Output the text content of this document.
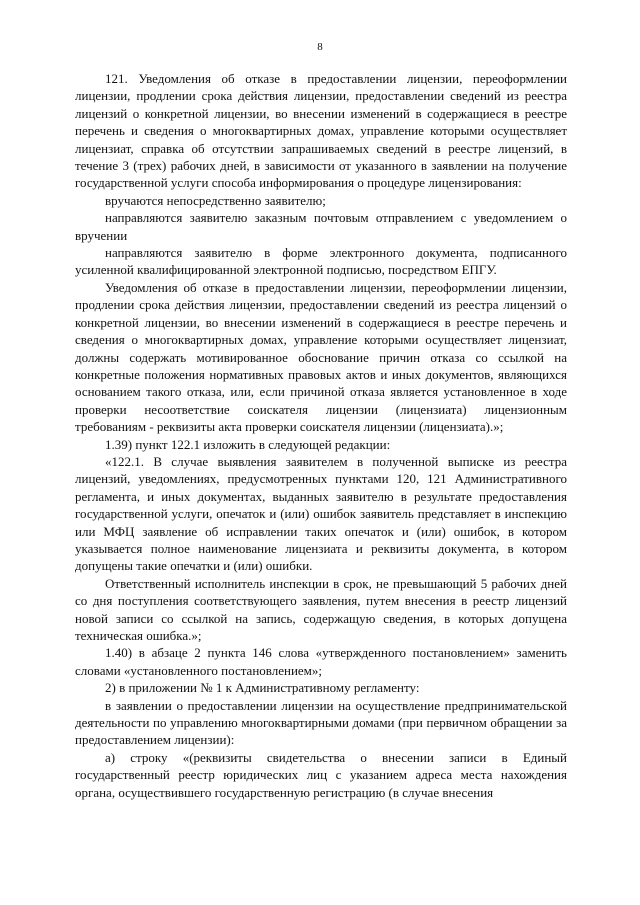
8

121. Уведомления об отказе в предоставлении лицензии, переоформлении лицензии, продлении срока действия лицензии, предоставлении сведений из реестра лицензий о конкретной лицензии, во внесении изменений в содержащиеся в реестре перечень и сведения о многоквартирных домах, управление которыми осуществляет лицензиат, справка об отсутствии запрашиваемых сведений в реестре лицензий, в течение 3 (трех) рабочих дней, в зависимости от указанного в заявлении на получение государственной услуги способа информирования о процедуре лицензирования:

вручаются непосредственно заявителю;

направляются заявителю заказным почтовым отправлением с уведомлением о вручении

направляются заявителю в форме электронного документа, подписанного усиленной квалифицированной электронной подписью, посредством ЕПГУ.

Уведомления об отказе в предоставлении лицензии, переоформлении лицензии, продлении срока действия лицензии, предоставлении сведений из реестра лицензий о конкретной лицензии, во внесении изменений в содержащиеся в реестре перечень и сведения о многоквартирных домах, управление которыми осуществляет лицензиат, должны содержать мотивированное обоснование причин отказа со ссылкой на конкретные положения нормативных правовых актов и иных документов, являющихся основанием такого отказа, или, если причиной отказа является установленное в ходе проверки несоответствие соискателя лицензии (лицензиата) лицензионным требованиям - реквизиты акта проверки соискателя лицензии (лицензиата).»;

1.39) пункт 122.1 изложить в следующей редакции:

«122.1. В случае выявления заявителем в полученной выписке из реестра лицензий, уведомлениях, предусмотренных пунктами 120, 121 Административного регламента, и иных документах, выданных заявителю в результате предоставления государственной услуги, опечаток и (или) ошибок заявитель представляет в инспекцию или МФЦ заявление об исправлении таких опечаток и (или) ошибок, в котором указывается полное наименование лицензиата и реквизиты документа, в котором допущены такие опечатки и (или) ошибки.

Ответственный исполнитель инспекции в срок, не превышающий 5 рабочих дней со дня поступления соответствующего заявления, путем внесения в реестр лицензий новой записи со ссылкой на запись, содержащую сведения, в которых допущена техническая ошибка.»;

1.40) в абзаце 2 пункта 146 слова «утвержденного постановлением» заменить словами «установленного постановлением»;

2) в приложении № 1 к Административному регламенту:

в заявлении о предоставлении лицензии на осуществление предпринимательской деятельности по управлению многоквартирными домами (при первичном обращении за предоставлением лицензии):

а) строку «(реквизиты свидетельства о внесении записи в Единый государственный реестр юридических лиц с указанием адреса места нахождения органа, осуществившего государственную регистрацию (в случае внесения
